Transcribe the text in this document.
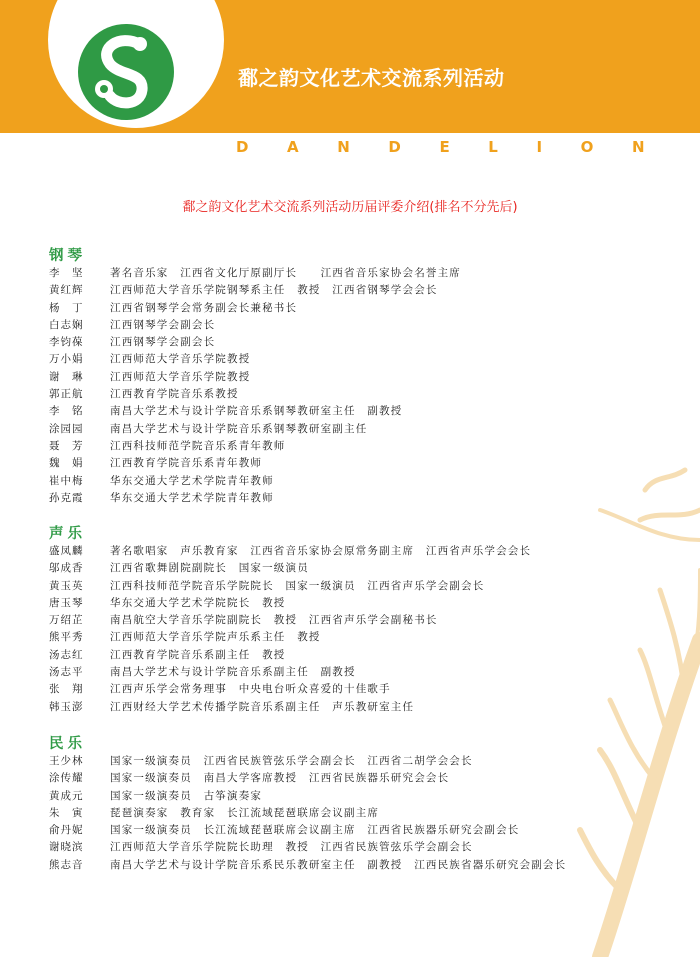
鄱之韵文化艺术交流系列活动
DANDELION
鄱之韵文化艺术交流系列活动历届评委介绍(排名不分先后)
钢琴
李　坚	著名音乐家　江西省文化厅原副厅长　　江西省音乐家协会名誉主席
黄红辉	江西师范大学音乐学院钢琴系主任　教授　江西省钢琴学会会长
杨　丁	江西省钢琴学会常务副会长兼秘书长
白志娴	江西钢琴学会副会长
李钧葆	江西钢琴学会副会长
万小娟	江西师范大学音乐学院教授
谢　琳	江西师范大学音乐学院教授
郭正航	江西教育学院音乐系教授
李　铭	南昌大学艺术与设计学院音乐系钢琴教研室主任　副教授
涂园园	南昌大学艺术与设计学院音乐系钢琴教研室副主任
聂　芳	江西科技师范学院音乐系青年教师
魏　娟	江西教育学院音乐系青年教师
崔中梅	华东交通大学艺术学院青年教师
孙克霞	华东交通大学艺术学院青年教师
声乐
盛凤麟	著名歌唱家　声乐教育家　江西省音乐家协会原常务副主席　江西省声乐学会会长
邬成香	江西省歌舞剧院副院长　国家一级演员
黄玉英	江西科技师范学院音乐学院院长　国家一级演员　江西省声乐学会副会长
唐玉琴	华东交通大学艺术学院院长　教授
万绍芷	南昌航空大学音乐学院副院长　教授　江西省声乐学会副秘书长
熊平秀	江西师范大学音乐学院声乐系主任　教授
汤志红	江西教育学院音乐系副主任　教授
汤志平	南昌大学艺术与设计学院音乐系副主任　副教授
张　翔	江西声乐学会常务理事　中央电台听众喜爱的十佳歌手
韩玉澎	江西财经大学艺术传播学院音乐系副主任　声乐教研室主任
民乐
王少林	国家一级演奏员　江西省民族管弦乐学会副会长　江西省二胡学会会长
涂传耀	国家一级演奏员　南昌大学客席教授　江西省民族器乐研究会会长
黄成元	国家一级演奏员　古筝演奏家
朱　寅	琵琶演奏家　教育家　长江流域琵琶联席会议副主席
俞丹妮	国家一级演奏员　长江流域琵琶联席会议副主席　江西省民族器乐研究会副会长
谢晓滨	江西师范大学音乐学院院长助理　教授　江西省民族管弦乐学会副会长
熊志音	南昌大学艺术与设计学院音乐系民乐教研室主任　副教授　江西民族省器乐研究会副会长
